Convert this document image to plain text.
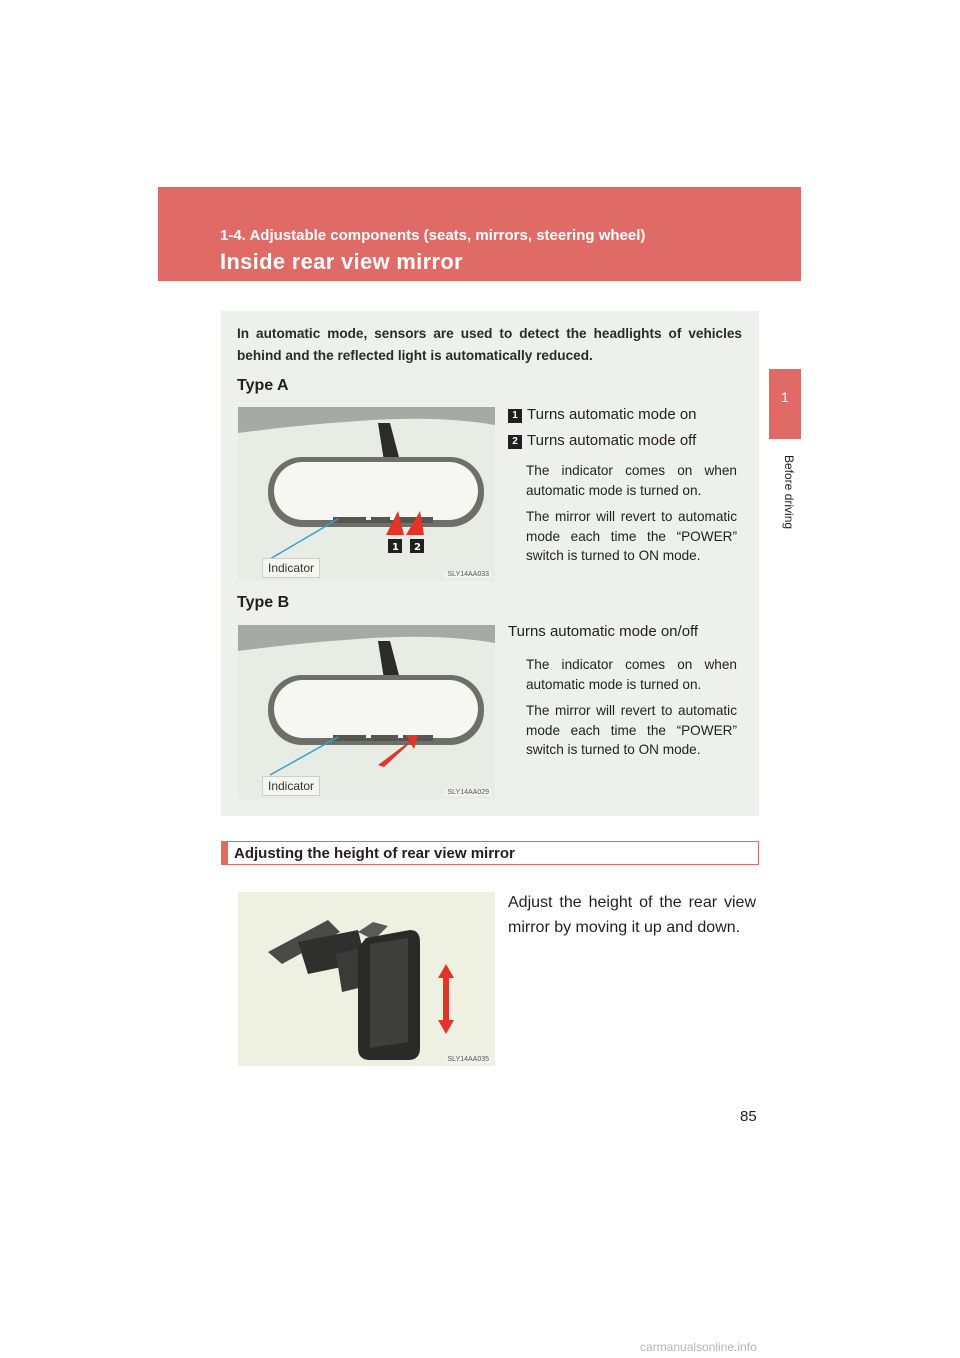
1-4. Adjustable components (seats, mirrors, steering wheel)
Inside rear view mirror
1
Before driving
In automatic mode, sensors are used to detect the headlights of vehicles behind and the reflected light is automatically reduced.
Type A
1 2
Indicator	SLY14AA033
1 Turns automatic mode on
2 Turns automatic mode off
The indicator comes on when automatic mode is turned on.
The mirror will revert to automatic mode each time the “POWER” switch is turned to ON mode.
Type B
Indicator	SLY14AA029
Turns automatic mode on/off
The indicator comes on when automatic mode is turned on.
The mirror will revert to automatic mode each time the “POWER” switch is turned to ON mode.
Adjusting the height of rear view mirror
SLY14AA035
Adjust the height of the rear view mirror by moving it up and down.
85
carmanualsonline.info
